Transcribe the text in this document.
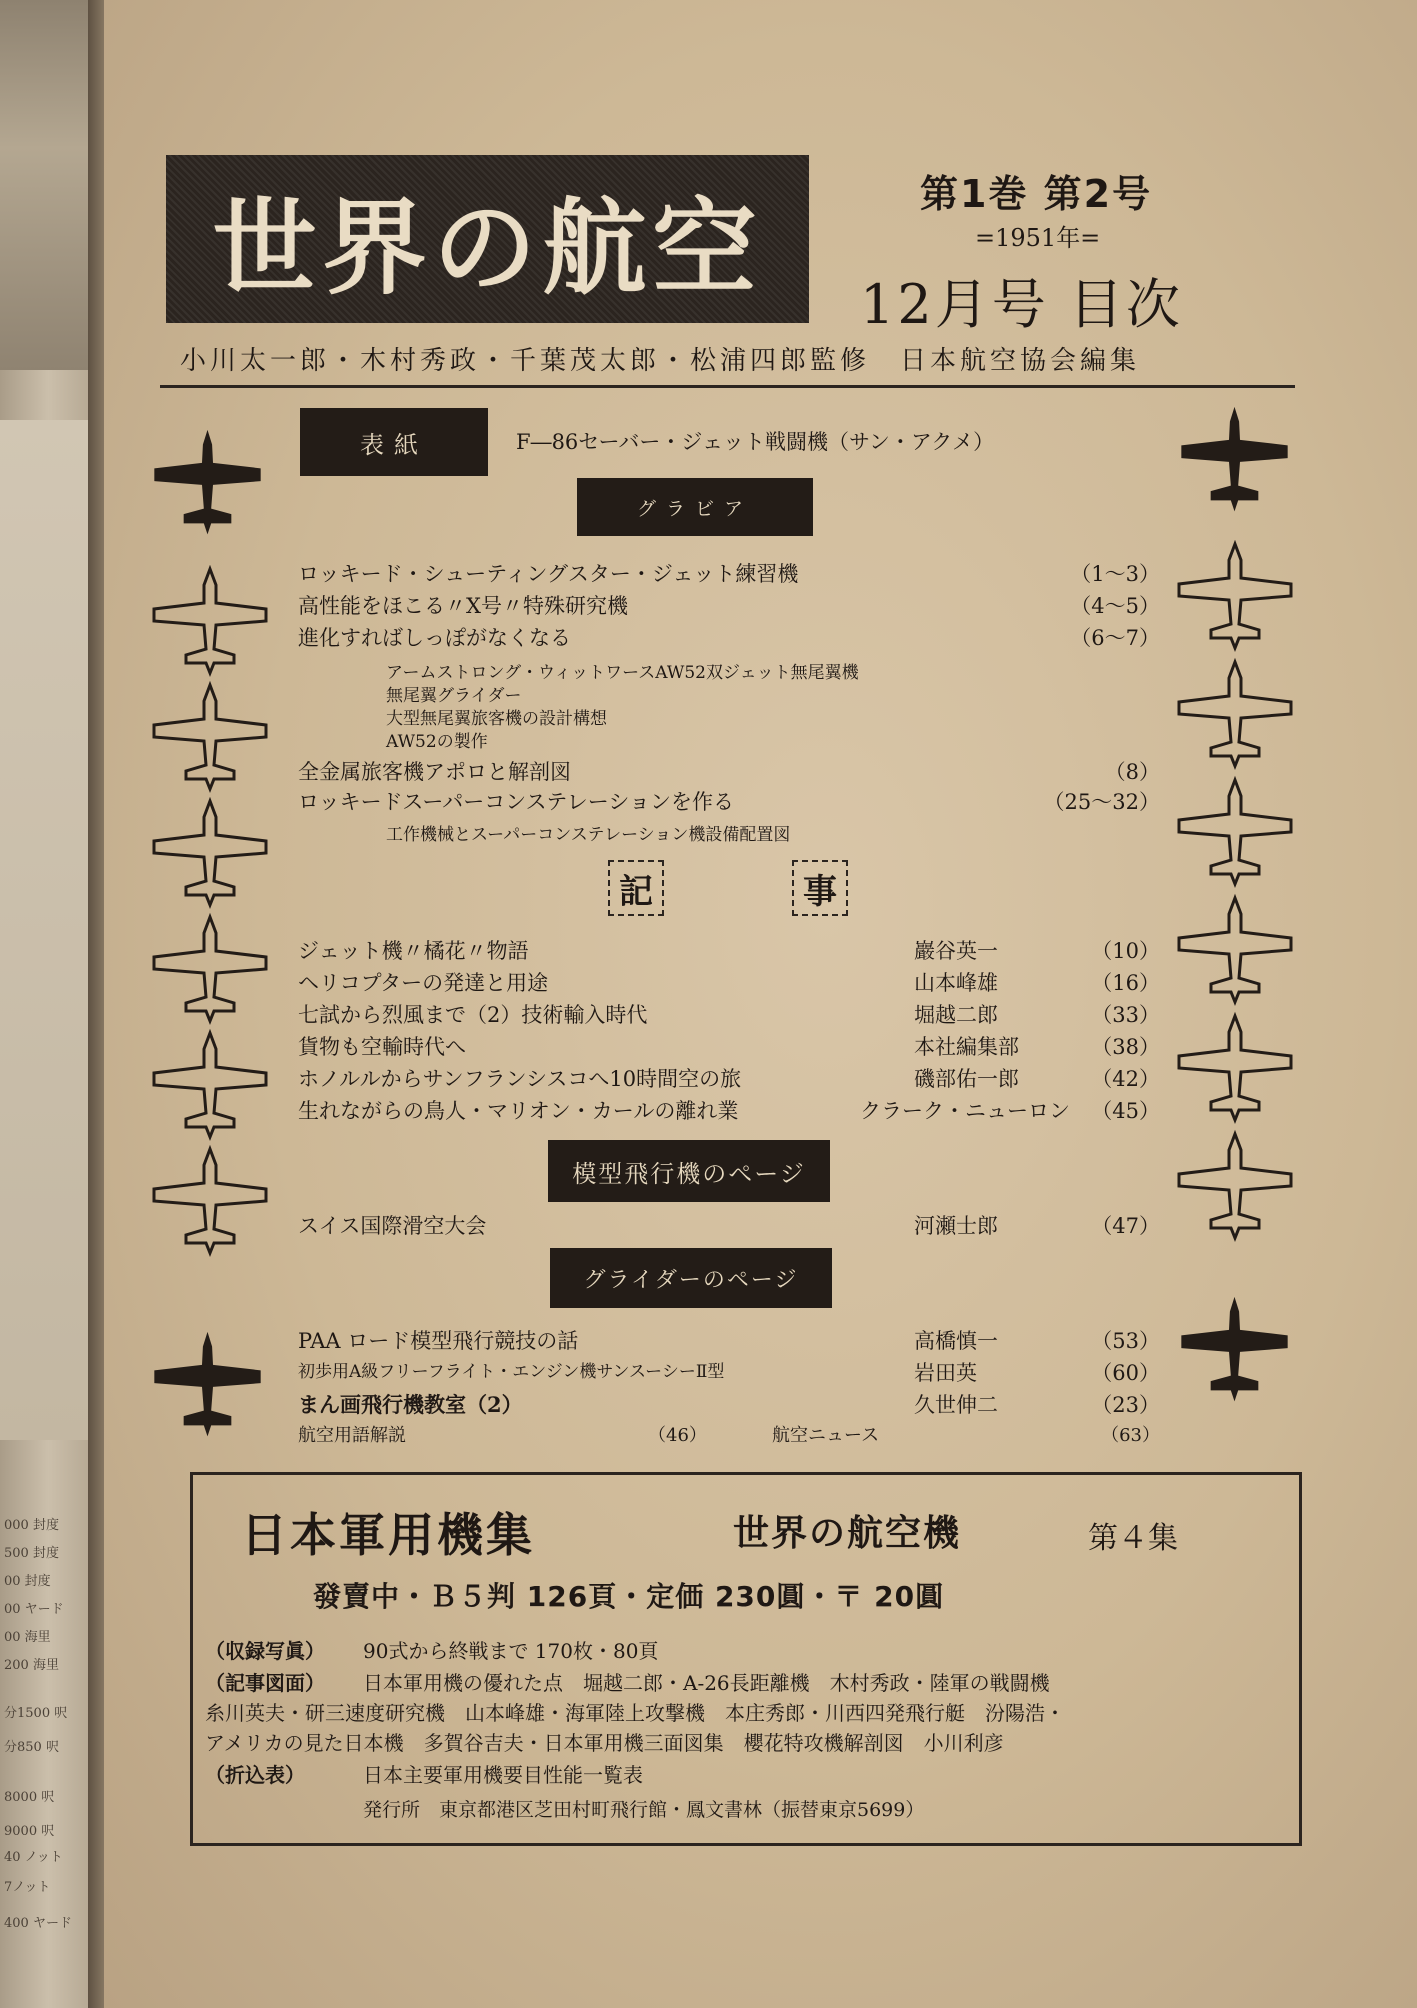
000 封度
500 封度
00 封度
00 ヤード
00 海里
200 海里
分1500 呎
分850 呎
8000 呎
9000 呎
40 ノット
7ノット
400 ヤード
世界の航空	第1巻 第2号
=1951年=
12月号 目次
小川太一郎・木村秀政・千葉茂太郎・松浦四郎監修　日本航空協会編集
表紙	F―86セーバー・ジェット戦闘機（サン・アクメ）
グラビア
ロッキード・シューティングスター・ジェット練習機	（1～3）
高性能をほこる〃X号〃特殊研究機	（4～5）
進化すればしっぽがなくなる	（6～7）
アームストロング・ウィットワースAW52双ジェット無尾翼機
無尾翼グライダー
大型無尾翼旅客機の設計構想
AW52の製作
全金属旅客機アポロと解剖図	（8）
ロッキードスーパーコンステレーションを作る	（25～32）
工作機械とスーパーコンステレーション機設備配置図
記	事
ジェット機〃橘花〃物語	巖谷英一	（10）
ヘリコプターの発達と用途	山本峰雄	（16）
七試から烈風まで（2）技術輸入時代	堀越二郎	（33）
貨物も空輸時代へ	本社編集部	（38）
ホノルルからサンフランシスコへ10時間空の旅	磯部佑一郎	（42）
生れながらの鳥人・マリオン・カールの離れ業	クラーク・ニューロン	（45）
模型飛行機のページ
スイス国際滑空大会	河瀬士郎	（47）
グライダーのページ
PAA ロード模型飛行競技の話	高橋慎一	（53）
初歩用A級フリーフライト・エンジン機サンスーシーⅡ型	岩田英	（60）
まん画飛行機教室（2）	久世伸二	（23）
航空用語解説	（46）	航空ニュース	（63）
日本軍用機集	世界の航空機	第４集
發賣中・Ｂ５判 126頁・定価 230圓・〒 20圓
（収録写眞） 90式から終戦まで 170枚・80頁
（記事図面） 日本軍用機の優れた点　堀越二郎・A-26長距離機　木村秀政・陸軍の戦闘機
糸川英夫・研三速度研究機　山本峰雄・海軍陸上攻撃機　本庄秀郎・川西四発飛行艇　汾陽浩・
アメリカの見た日本機　多賀谷吉夫・日本軍用機三面図集　櫻花特攻機解剖図　小川利彦
（折込表）	日本主要軍用機要目性能一覧表
発行所　東京都港区芝田村町飛行館・鳳文書林（振替東京5699）
